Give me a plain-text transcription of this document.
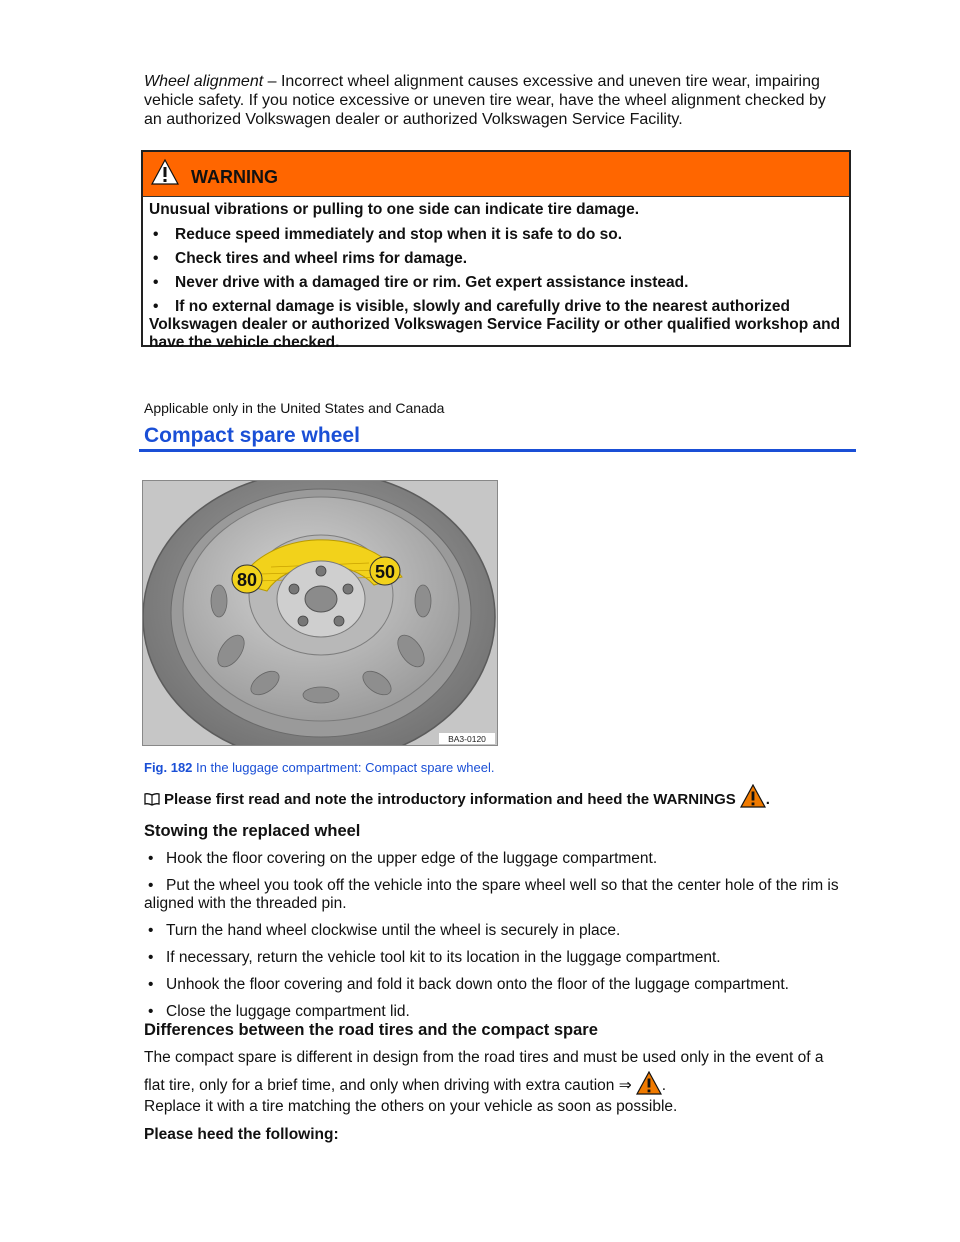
Wheel alignment – Incorrect wheel alignment causes excessive and uneven tire wear, impairing vehicle safety. If you notice excessive or uneven tire wear, have the wheel alignment checked by an authorized Volkswagen dealer or authorized Volkswagen Service Facility.

WARNING

Unusual vibrations or pulling to one side can indicate tire damage.

• Reduce speed immediately and stop when it is safe to do so.
• Check tires and wheel rims for damage.
• Never drive with a damaged tire or rim. Get expert assistance instead.
• If no external damage is visible, slowly and carefully drive to the nearest authorized Volkswagen dealer or authorized Volkswagen Service Facility or other qualified workshop and have the vehicle checked.
Applicable only in the United States and Canada
Compact spare wheel
80	50
BA3-0120
Fig. 182 In the luggage compartment: Compact spare wheel.
Please first read and note the introductory information and heed the WARNINGS .
Stowing the replaced wheel
• Hook the floor covering on the upper edge of the luggage compartment.
• Put the wheel you took off the vehicle into the spare wheel well so that the center hole of the rim is aligned with the threaded pin.
• Turn the hand wheel clockwise until the wheel is securely in place.
• If necessary, return the vehicle tool kit to its location in the luggage compartment.
• Unhook the floor covering and fold it back down onto the floor of the luggage compartment.
• Close the luggage compartment lid.
Differences between the road tires and the compact spare
The compact spare is different in design from the road tires and must be used only in the event of a
flat tire, only for a brief time, and only when driving with extra caution ⇒ .
Replace it with a tire matching the others on your vehicle as soon as possible.
Please heed the following:
